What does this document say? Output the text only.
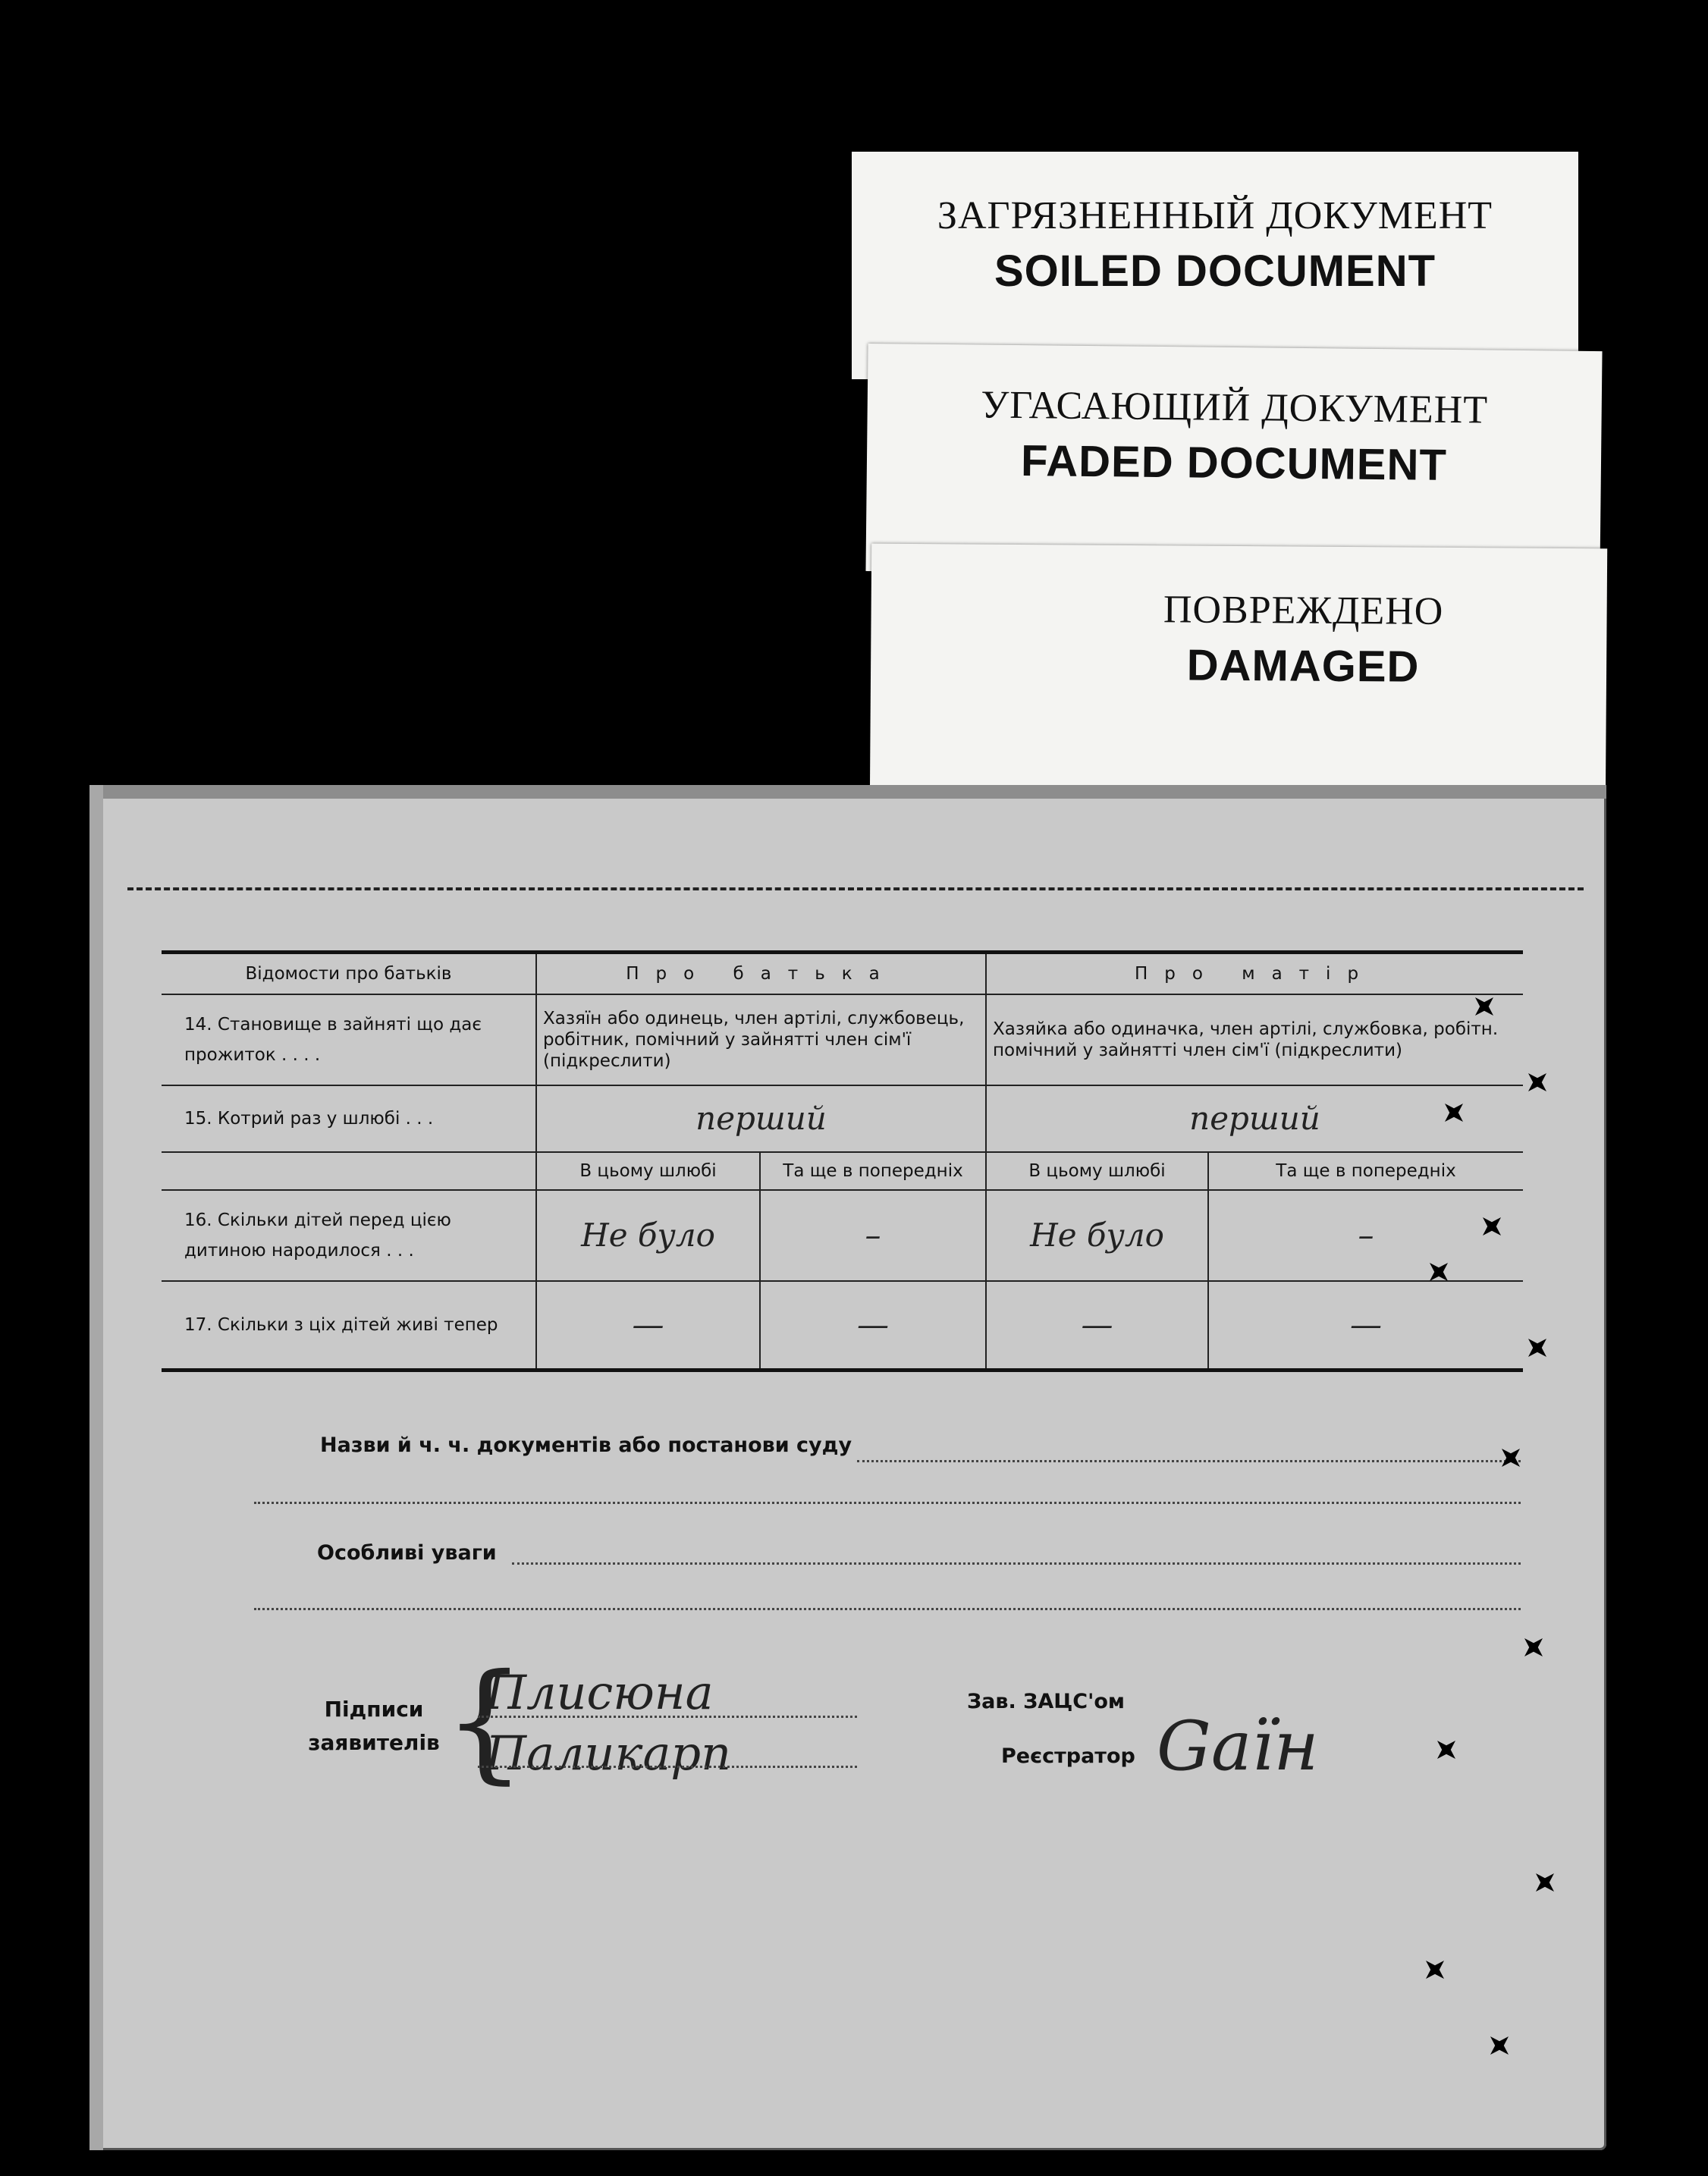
ЗАГРЯЗНЕННЫЙ ДОКУМЕНТ
SOILED DOCUMENT
УГАСАЮЩИЙ ДОКУМЕНТ
FADED DOCUMENT
ПОВРЕЖДЕНО
DAMAGED
Відомости про батьків	Про батька		Про матір	
14. Становище в зайняті що дає прожиток . . . .	Хазяїн або одинець, член артілі, службовець, робітник, помічний у зайнятті член сім'ї (підкреслити)		Хазяйка або одиначка, член артілі, службовка, робітн. помічний у зайнятті член сім'ї (підкреслити)	
15. Котрий раз у шлюбі . . .	перший		перший	
	В цьому шлюбі	Та ще в попередніх	В цьому шлюбі	Та ще в попередніх
16. Скільки дітей перед цією дитиною народилося . . .	Не було	–	Не було	–
17. Скільки з ціх дітей живі тепер	—	—	—	—
Назви й ч. ч. документів або постанови суду
Особливі уваги
Підписи заявителів {
Плисюна
Паликарп
Зав. ЗАЦС'ом
Реєстратор Gaїн
